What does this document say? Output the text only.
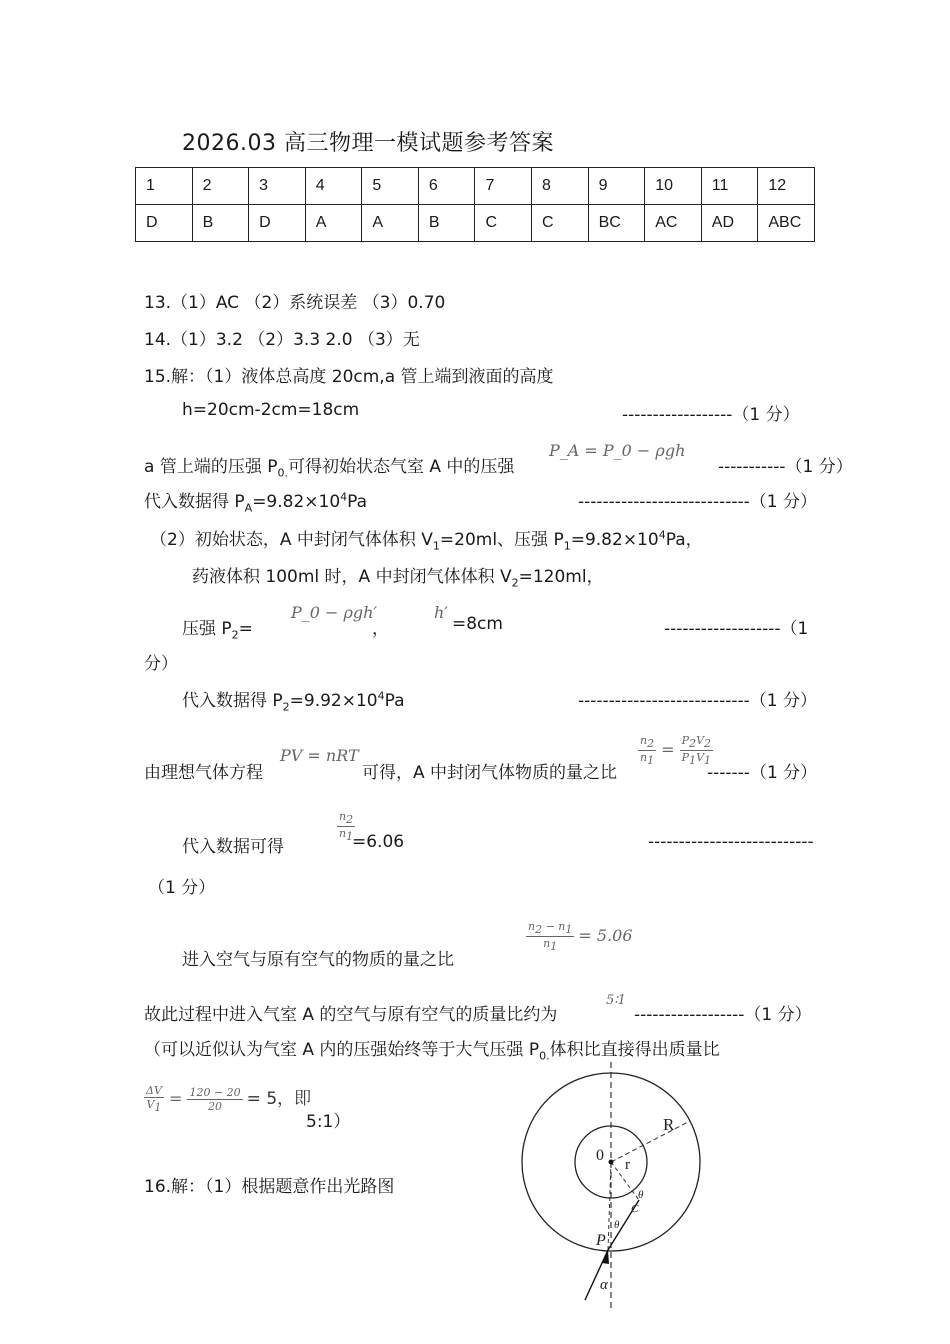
2026.03 高三物理一模试题参考答案
1	2	3	4	5	6	7	8	9	10	11	12
D	B	D	A	A	B	C	C	BC	AC	AD	ABC
13.（1）AC （2）系统误差 （3）0.70
14.（1）3.2 （2）3.3 2.0 （3）无
15.解：（1）液体总高度 20cm,a 管上端到液面的高度
h=20cm-2cm=18cm	------------------（1 分）
a 管上端的压强 $P_{0.}$可得初始状态气室 A 中的压强
P_A = P_0 − ρgh
-----------（1 分）
代入数据得 $P_A=9.82\times 10^4Pa$	----------------------------（1 分）
（2）初始状态，A 中封闭气体体积 $V_1=20ml$、压强 $P_1=9.82\times 10^4Pa$，
药液体积 100ml 时，A 中封闭气体体积 $V_2=120ml$，
压强 $P_2=$
P_0 − ρgh′
，
h′
=8cm	-------------------（1
分）
代入数据得 $P_2=9.92\times 10^4Pa$	----------------------------（1 分）
由理想气体方程
PV = nRT
可得，A 中封闭气体物质的量之比
$\frac{n_2}{n_1} = \frac{P_2V_2}{P_1V_1}$
-------（1 分）
代入数据可得
$\frac{n_2}{n_1}$
=6.06	---------------------------
（1 分）
进入空气与原有空气的物质的量之比
$\frac{n_2 - n_1}{n_1} = 5.06$
故此过程中进入气室 A 的空气与原有空气的质量比约为
5∶1
------------------（1 分）
（可以近似认为气室 A 内的压强始终等于大气压强 $P_{0.}$体积比直接得出质量比
$\frac{\Delta V}{V_1} = \frac{120 - 20}{20} = 5$，即
5:1）
16.解：（1）根据题意作出光路图
R
0
r
θ
C
θ
P
α
